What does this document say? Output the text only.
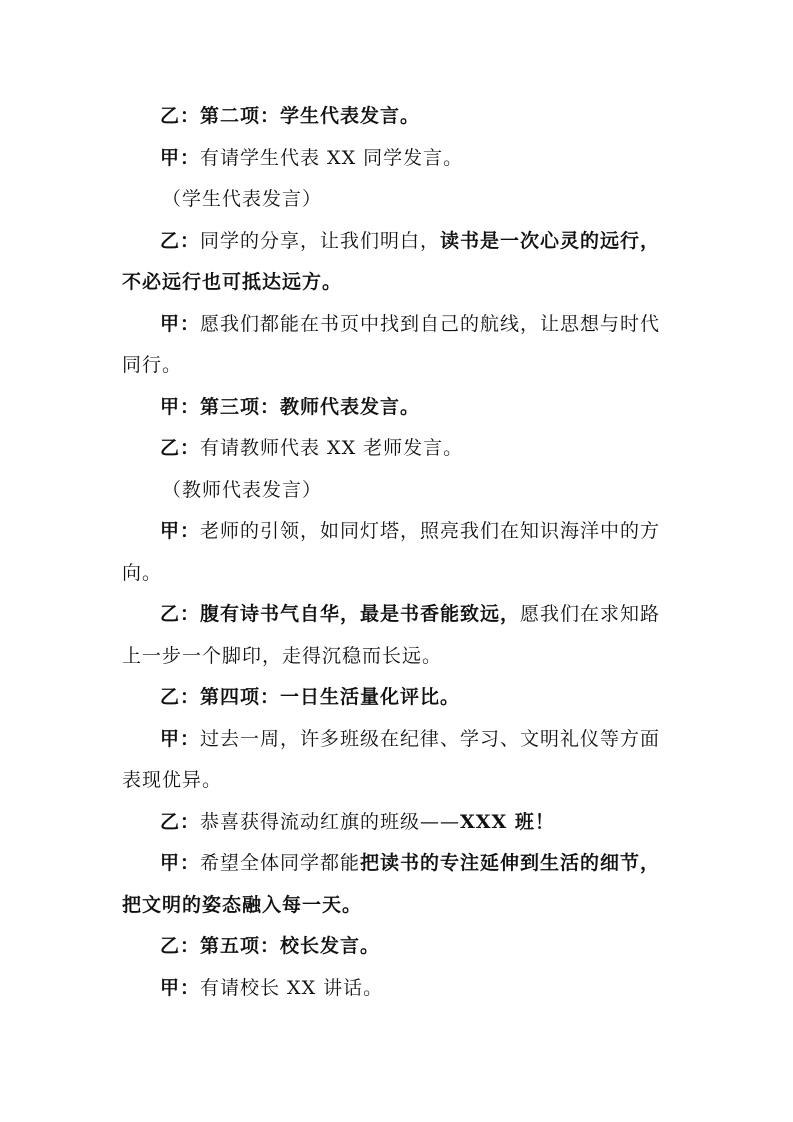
乙：第二项：学生代表发言。

甲：有请学生代表 XX 同学发言。

（学生代表发言）

乙：同学的分享，让我们明白，读书是一次心灵的远行，不必远行也可抵达远方。

甲：愿我们都能在书页中找到自己的航线，让思想与时代同行。

甲：第三项：教师代表发言。

乙：有请教师代表 XX 老师发言。

（教师代表发言）

甲：老师的引领，如同灯塔，照亮我们在知识海洋中的方向。

乙：腹有诗书气自华，最是书香能致远，愿我们在求知路上一步一个脚印，走得沉稳而长远。

乙：第四项：一日生活量化评比。

甲：过去一周，许多班级在纪律、学习、文明礼仪等方面表现优异。

乙：恭喜获得流动红旗的班级——XXX 班！

甲：希望全体同学都能把读书的专注延伸到生活的细节，把文明的姿态融入每一天。

乙：第五项：校长发言。

甲：有请校长 XX 讲话。
